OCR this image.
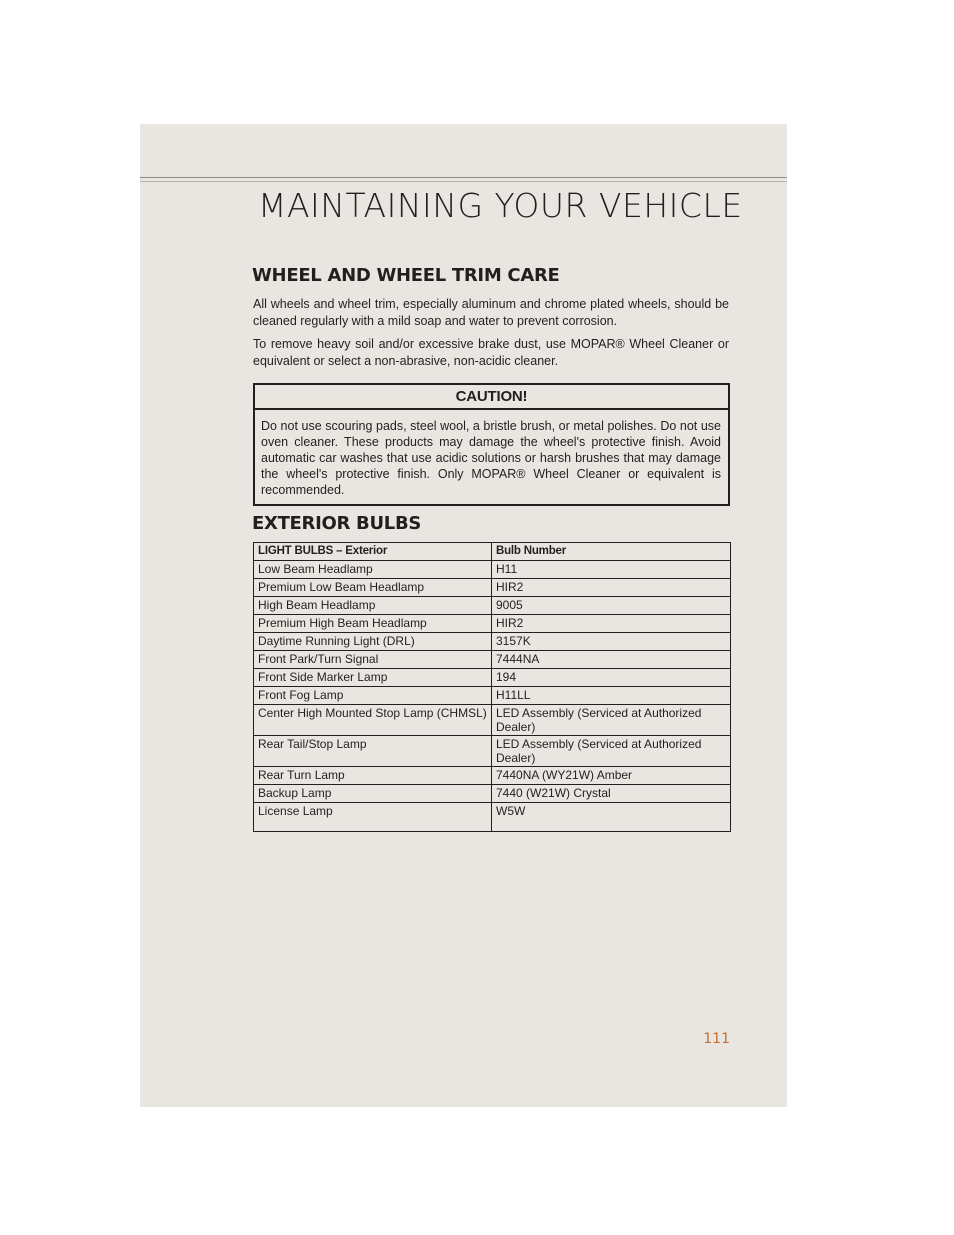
MAINTAINING YOUR VEHICLE
WHEEL AND WHEEL TRIM CARE

All wheels and wheel trim, especially aluminum and chrome plated wheels, should be cleaned regularly with a mild soap and water to prevent corrosion.

To remove heavy soil and/or excessive brake dust, use MOPAR® Wheel Cleaner or equivalent or select a non-abrasive, non-acidic cleaner.

CAUTION!
Do not use scouring pads, steel wool, a bristle brush, or metal polishes. Do not use oven cleaner. These products may damage the wheel's protective finish. Avoid automatic car washes that use acidic solutions or harsh brushes that may damage the wheel's protective finish. Only MOPAR® Wheel Cleaner or equivalent is recommended.
EXTERIOR BULBS
LIGHT BULBS – Exterior	Bulb Number
Low Beam Headlamp	H11
Premium Low Beam Headlamp	HIR2
High Beam Headlamp	9005
Premium High Beam Headlamp	HIR2
Daytime Running Light (DRL)	3157K
Front Park/Turn Signal	7444NA
Front Side Marker Lamp	194
Front Fog Lamp	H11LL
Center High Mounted Stop Lamp (CHMSL)	LED Assembly (Serviced at Authorized Dealer)
Rear Tail/Stop Lamp	LED Assembly (Serviced at Authorized Dealer)
Rear Turn Lamp	7440NA (WY21W) Amber
Backup Lamp	7440 (W21W) Crystal
License Lamp	W5W
111
